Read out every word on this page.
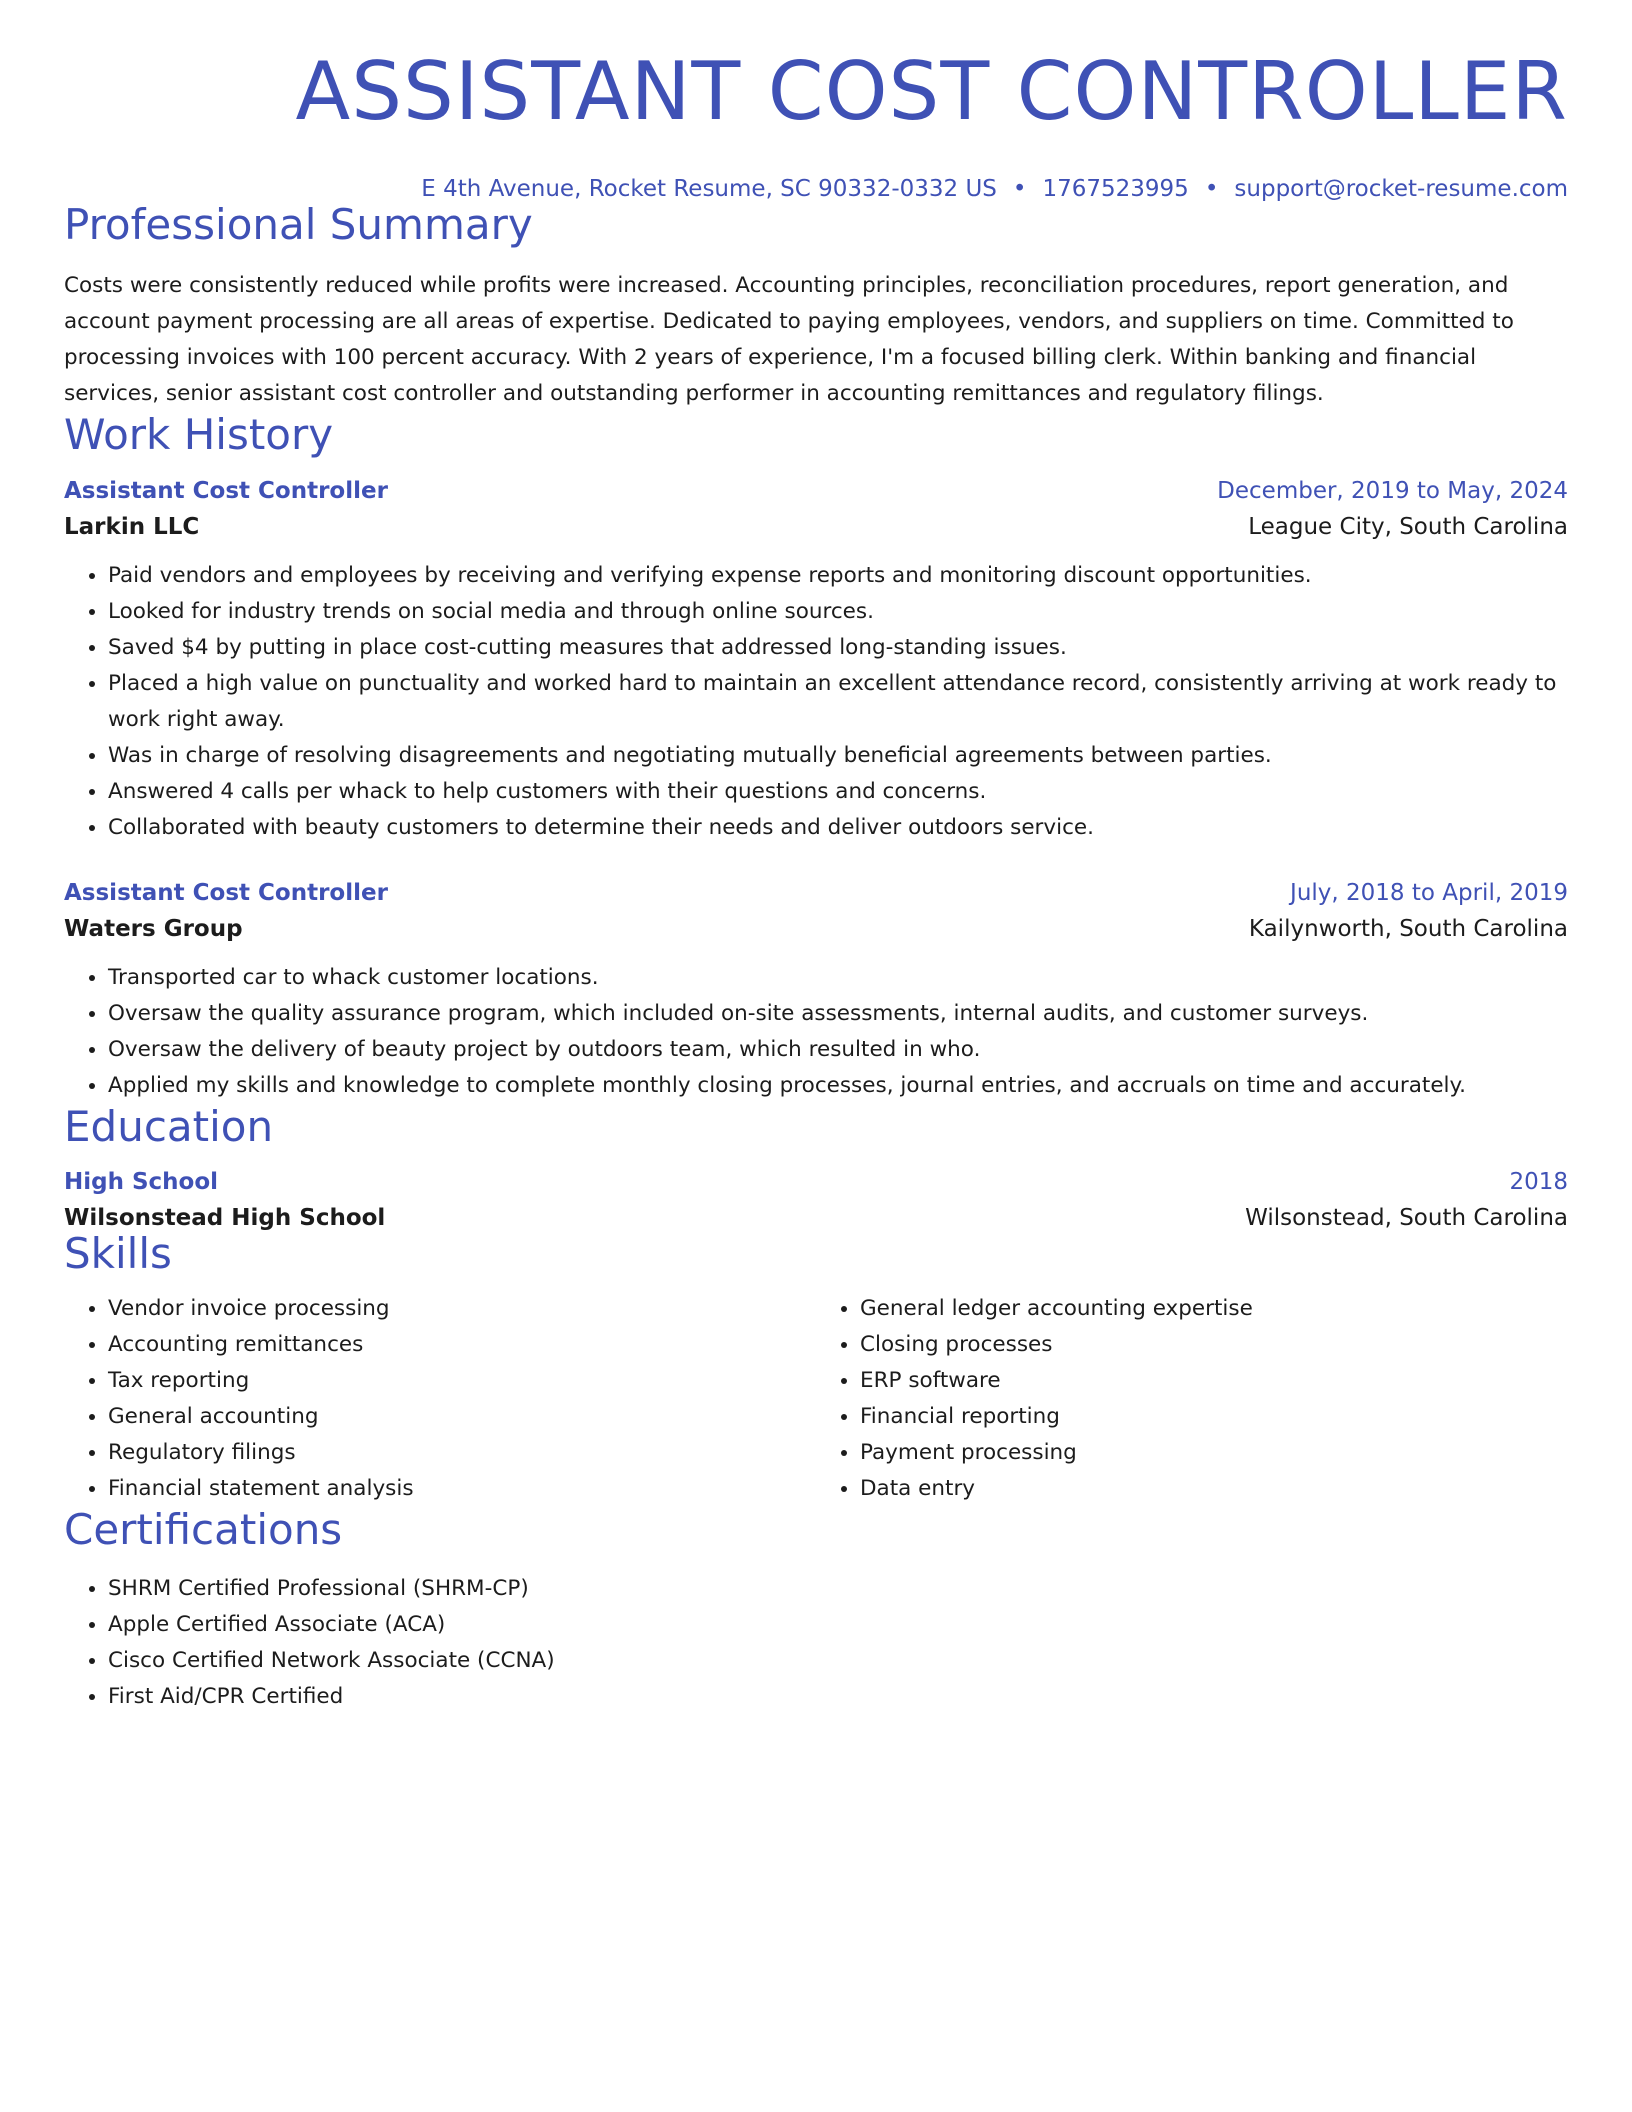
ASSISTANT COST CONTROLLER
E 4th Avenue, Rocket Resume, SC 90332-0332 US • 1767523995 • support@rocket-resume.com
Professional Summary
Costs were consistently reduced while profits were increased. Accounting principles, reconciliation procedures, report generation, and account payment processing are all areas of expertise. Dedicated to paying employees, vendors, and suppliers on time. Committed to processing invoices with 100 percent accuracy. With 2 years of experience, I'm a focused billing clerk. Within banking and financial services, senior assistant cost controller and outstanding performer in accounting remittances and regulatory filings.
Work History
Assistant Cost Controller	December, 2019 to May, 2024
Larkin LLC	League City, South Carolina
• Paid vendors and employees by receiving and verifying expense reports and monitoring discount opportunities.
• Looked for industry trends on social media and through online sources.
• Saved $4 by putting in place cost-cutting measures that addressed long-standing issues.
• Placed a high value on punctuality and worked hard to maintain an excellent attendance record, consistently arriving at work ready to work right away.
• Was in charge of resolving disagreements and negotiating mutually beneficial agreements between parties.
• Answered 4 calls per whack to help customers with their questions and concerns.
• Collaborated with beauty customers to determine their needs and deliver outdoors service.
Assistant Cost Controller	July, 2018 to April, 2019
Waters Group	Kailynworth, South Carolina
• Transported car to whack customer locations.
• Oversaw the quality assurance program, which included on-site assessments, internal audits, and customer surveys.
• Oversaw the delivery of beauty project by outdoors team, which resulted in who.
• Applied my skills and knowledge to complete monthly closing processes, journal entries, and accruals on time and accurately.
Education
High School	2018
Wilsonstead High School	Wilsonstead, South Carolina
Skills
• Vendor invoice processing
• Accounting remittances
• Tax reporting
• General accounting
• Regulatory filings
• Financial statement analysis
• General ledger accounting expertise
• Closing processes
• ERP software
• Financial reporting
• Payment processing
• Data entry
Certifications
• SHRM Certified Professional (SHRM-CP)
• Apple Certified Associate (ACA)
• Cisco Certified Network Associate (CCNA)
• First Aid/CPR Certified
